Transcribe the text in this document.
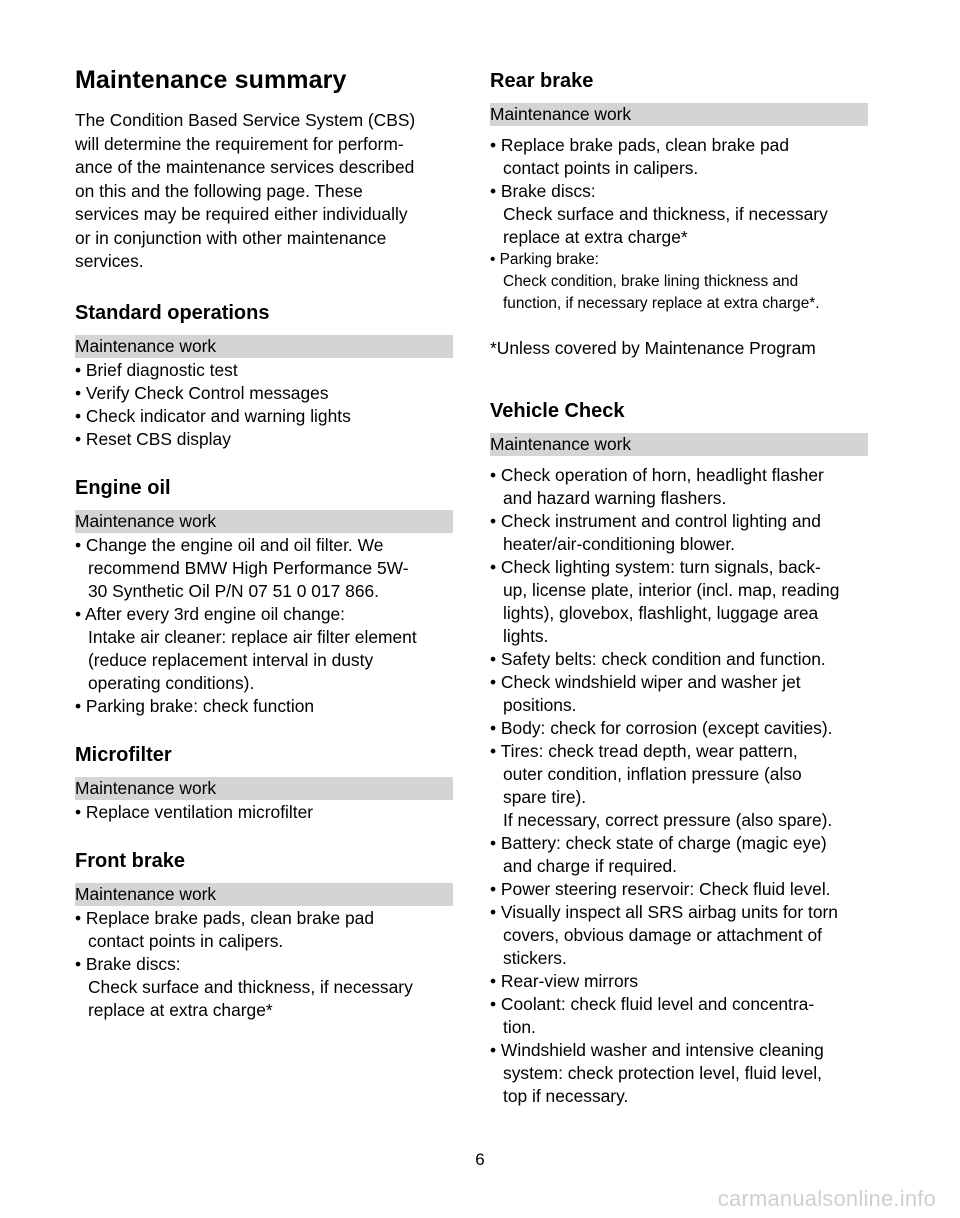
Maintenance summary

The Condition Based Service System (CBS)
will determine the requirement for perform-
ance of the maintenance services described
on this and the following page. These
services may be required either individually
or in conjunction with other maintenance
services.

Standard operations
Maintenance work
• Brief diagnostic test
• Verify Check Control messages
• Check indicator and warning lights
• Reset CBS display
Engine oil
Maintenance work
• Change the engine oil and oil filter. We
recommend BMW High Performance 5W-
30 Synthetic Oil P/N 07 51 0 017 866.
• After every 3rd engine oil change:
Intake air cleaner: replace air filter element
(reduce replacement interval in dusty
operating conditions).
• Parking brake: check function
Microfilter
Maintenance work
• Replace ventilation microfilter
Front brake
Maintenance work
• Replace brake pads, clean brake pad
contact points in calipers.
• Brake discs:
Check surface and thickness, if necessary
replace at extra charge*
Rear brake
Maintenance work
• Replace brake pads, clean brake pad
contact points in calipers.
• Brake discs:
Check surface and thickness, if necessary
replace at extra charge*
• Parking brake:
Check condition, brake lining thickness and
function, if necessary replace at extra charge*.

*Unless covered by Maintenance Program

Vehicle Check
Maintenance work
• Check operation of horn, headlight flasher
and hazard warning flashers.
• Check instrument and control lighting and
heater/air-conditioning blower.
• Check lighting system: turn signals, back-
up, license plate, interior (incl. map, reading
lights), glovebox, flashlight, luggage area
lights.
• Safety belts: check condition and function.
• Check windshield wiper and washer jet
positions.
• Body: check for corrosion (except cavities).
• Tires: check tread depth, wear pattern,
outer condition, inflation pressure (also
spare tire).
If necessary, correct pressure (also spare).
• Battery: check state of charge (magic eye)
and charge if required.
• Power steering reservoir: Check fluid level.
• Visually inspect all SRS airbag units for torn
covers, obvious damage or attachment of
stickers.
• Rear-view mirrors
• Coolant: check fluid level and concentra-
tion.
• Windshield washer and intensive cleaning
system: check protection level, fluid level,
top if necessary.
6
carmanualsonline.info
